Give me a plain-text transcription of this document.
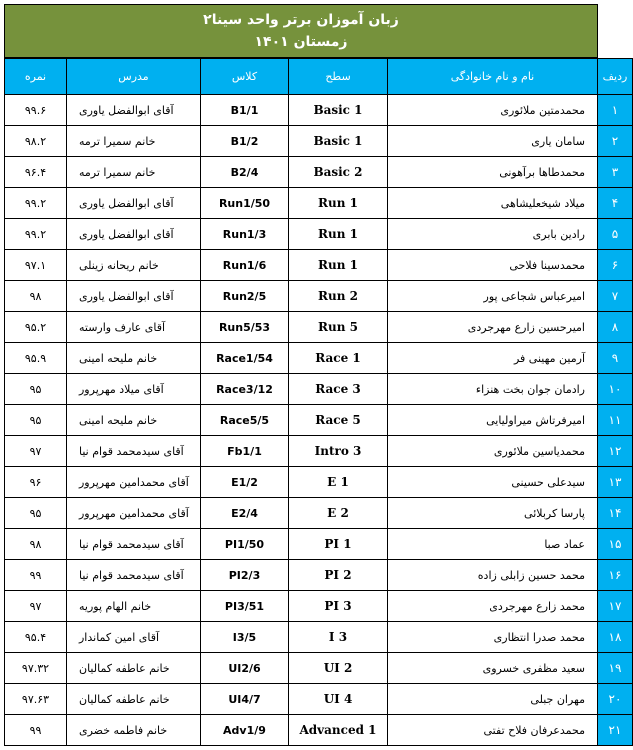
زبان آموزان برتر واحد سینا۲
زمستان ۱۴۰۱
ردیف	نام و نام خانوادگی	سطح	کلاس	مدرس	نمره
۱	محمدمتین ملائوری	Basic 1	B1/1	آقای ابوالفضل یاوری	۹۹.۶
۲	سامان یاری	Basic 1	B1/2	خانم سمیرا ترمه	۹۸.۲
۳	محمدطاها برآهونی	Basic 2	B2/4	خانم سمیرا ترمه	۹۶.۴
۴	میلاد شیخعلیشاهی	Run 1	Run1/50	آقای ابوالفضل یاوری	۹۹.۲
۵	رادین بابری	Run 1	Run1/3	آقای ابوالفضل یاوری	۹۹.۲
۶	محمدسینا فلاحی	Run 1	Run1/6	خانم ریحانه زینلی	۹۷.۱
۷	امیرعباس شجاعی پور	Run 2	Run2/5	آقای ابوالفضل یاوری	۹۸
۸	امیرحسین زارع مهرجردی	Run 5	Run5/53	آقای عارف وارسته	۹۵.۲
۹	آرمین مهینی فر	Race 1	Race1/54	خانم ملیحه امینی	۹۵.۹
۱۰	رادمان جوان بخت هنزاء	Race 3	Race3/12	آقای میلاد مهرپرور	۹۵
۱۱	امیرفرتاش میراولیایی	Race 5	Race5/5	خانم ملیحه امینی	۹۵
۱۲	محمدیاسین ملائوری	Intro 3	Fb1/1	آقای سیدمحمد قوام نیا	۹۷
۱۳	سیدعلی حسینی	E 1	E1/2	آقای محمدامین مهرپرور	۹۶
۱۴	پارسا کربلائی	E 2	E2/4	آقای محمدامین مهرپرور	۹۵
۱۵	عماد صبا	PI 1	PI1/50	آقای سیدمحمد قوام نیا	۹۸
۱۶	محمد حسین زابلی زاده	PI 2	PI2/3	آقای سیدمحمد قوام نیا	۹۹
۱۷	محمد زارع مهرجردی	PI 3	PI3/51	خانم الهام پوریه	۹۷
۱۸	محمد صدرا انتظاری	I 3	I3/5	آقای امین کماندار	۹۵.۴
۱۹	سعید مظفری خسروی	UI 2	UI2/6	خانم عاطفه کمالیان	۹۷.۳۲
۲۰	مهران جبلی	UI 4	UI4/7	خانم عاطفه کمالیان	۹۷.۶۳
۲۱	محمدعرفان فلاح تفتی	Advanced 1	Adv1/9	خانم فاطمه خضری	۹۹
